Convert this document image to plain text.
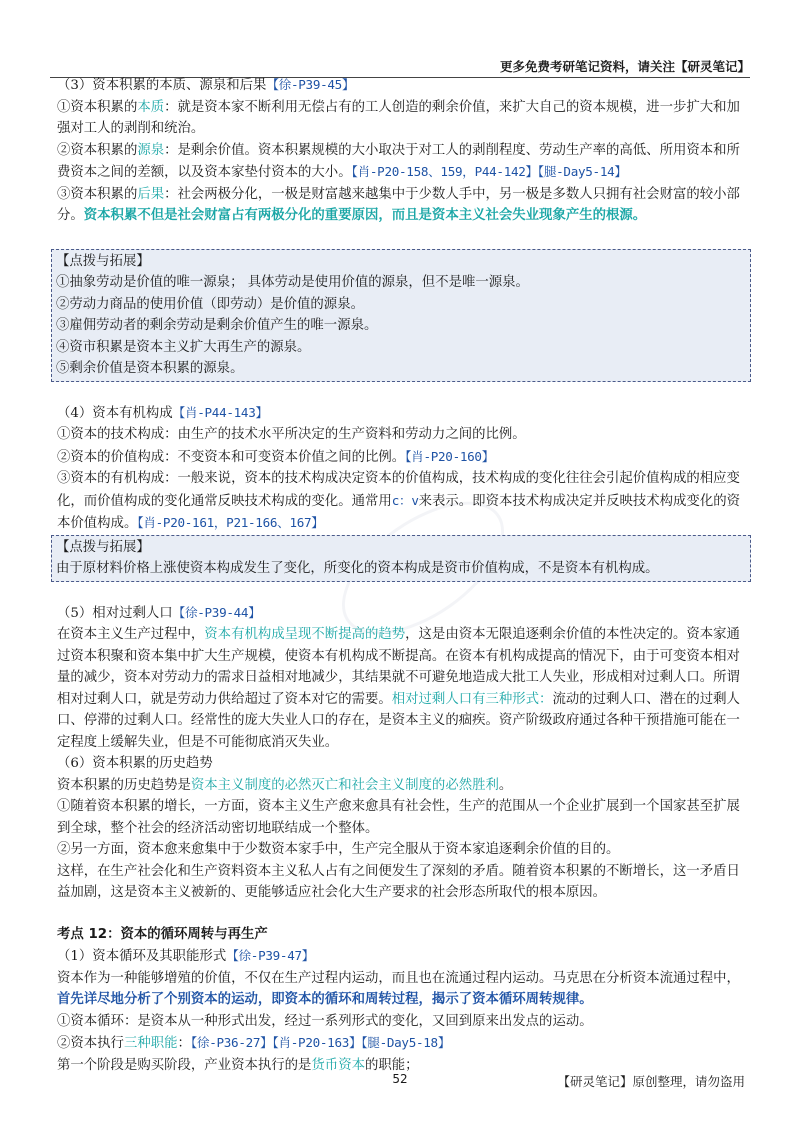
更多免费考研笔记资料，请关注【研灵笔记】

（3）资本积累的本质、源泉和后果【徐-P39-45】

①资本积累的本质：就是资本家不断利用无偿占有的工人创造的剩余价值，来扩大自己的资本规模，进一步扩大和加强对工人的剥削和统治。

②资本积累的源泉：是剩余价值。资本积累规模的大小取决于对工人的剥削程度、劳动生产率的高低、所用资本和所费资本之间的差额，以及资本家垫付资本的大小。【肖-P20-158、159，P44-142】【腿-Day5-14】

③资本积累的后果：社会两极分化，一极是财富越来越集中于少数人手中，另一极是多数人只拥有社会财富的较小部分。资本积累不但是社会财富占有两极分化的重要原因，而且是资本主义社会失业现象产生的根源。

【点拨与拓展】

①抽象劳动是价值的唯一源泉； 具体劳动是使用价值的源泉，但不是唯一源泉。

②劳动力商品的使用价值（即劳动）是价值的源泉。

③雇佣劳动者的剩余劳动是剩余价值产生的唯一源泉。

④资市积累是资本主义扩大再生产的源泉。

⑤剩余价值是资本积累的源泉。

（4）资本有机构成【肖-P44-143】

①资本的技术构成：由生产的技术水平所决定的生产资料和劳动力之间的比例。

②资本的价值构成：不变资本和可变资本价值之间的比例。【肖-P20-160】

③资本的有机构成：一般来说，资本的技术构成决定资本的价值构成，技术构成的变化往往会引起价值构成的相应变化，而价值构成的变化通常反映技术构成的变化。通常用c：v来表示。即资本技术构成决定并反映技术构成变化的资本价值构成。【肖-P20-161，P21-166、167】

【点拨与拓展】

由于原材料价格上涨使资本构成发生了变化，所变化的资本构成是资市价值构成，不是资本有机构成。

（5）相对过剩人口【徐-P39-44】

在资本主义生产过程中，资本有机构成呈现不断提高的趋势，这是由资本无限追逐剩余价值的本性决定的。资本家通过资本积聚和资本集中扩大生产规模，使资本有机构成不断提高。在资本有机构成提高的情况下，由于可变资本相对量的减少，资本对劳动力的需求日益相对地减少，其结果就不可避免地造成大批工人失业，形成相对过剩人口。所谓相对过剩人口，就是劳动力供给超过了资本对它的需要。相对过剩人口有三种形式：流动的过剩人口、潜在的过剩人口、停滞的过剩人口。经常性的庞大失业人口的存在，是资本主义的痼疾。资产阶级政府通过各种干预措施可能在一定程度上缓解失业，但是不可能彻底消灭失业。

（6）资本积累的历史趋势

资本积累的历史趋势是资本主义制度的必然灭亡和社会主义制度的必然胜利。

①随着资本积累的增长，一方面，资本主义生产愈来愈具有社会性，生产的范围从一个企业扩展到一个国家甚至扩展到全球，整个社会的经济活动密切地联结成一个整体。

②另一方面，资本愈来愈集中于少数资本家手中，生产完全服从于资本家追逐剩余价值的目的。

这样，在生产社会化和生产资料资本主义私人占有之间便发生了深刻的矛盾。随着资本积累的不断增长，这一矛盾日益加剧，这是资本主义被新的、更能够适应社会化大生产要求的社会形态所取代的根本原因。

考点 12：资本的循环周转与再生产

（1）资本循环及其职能形式【徐-P39-47】

资本作为一种能够增殖的价值，不仅在生产过程内运动，而且也在流通过程内运动。马克思在分析资本流通过程中，首先详尽地分析了个别资本的运动，即资本的循环和周转过程，揭示了资本循环周转规律。

①资本循环：是资本从一种形式出发，经过一系列形式的变化，又回到原来出发点的运动。

②资本执行三种职能：【徐-P36-27】【肖-P20-163】【腿-Day5-18】

第一个阶段是购买阶段，产业资本执行的是货币资本的职能；

52	【研灵笔记】原创整理，请勿盗用
